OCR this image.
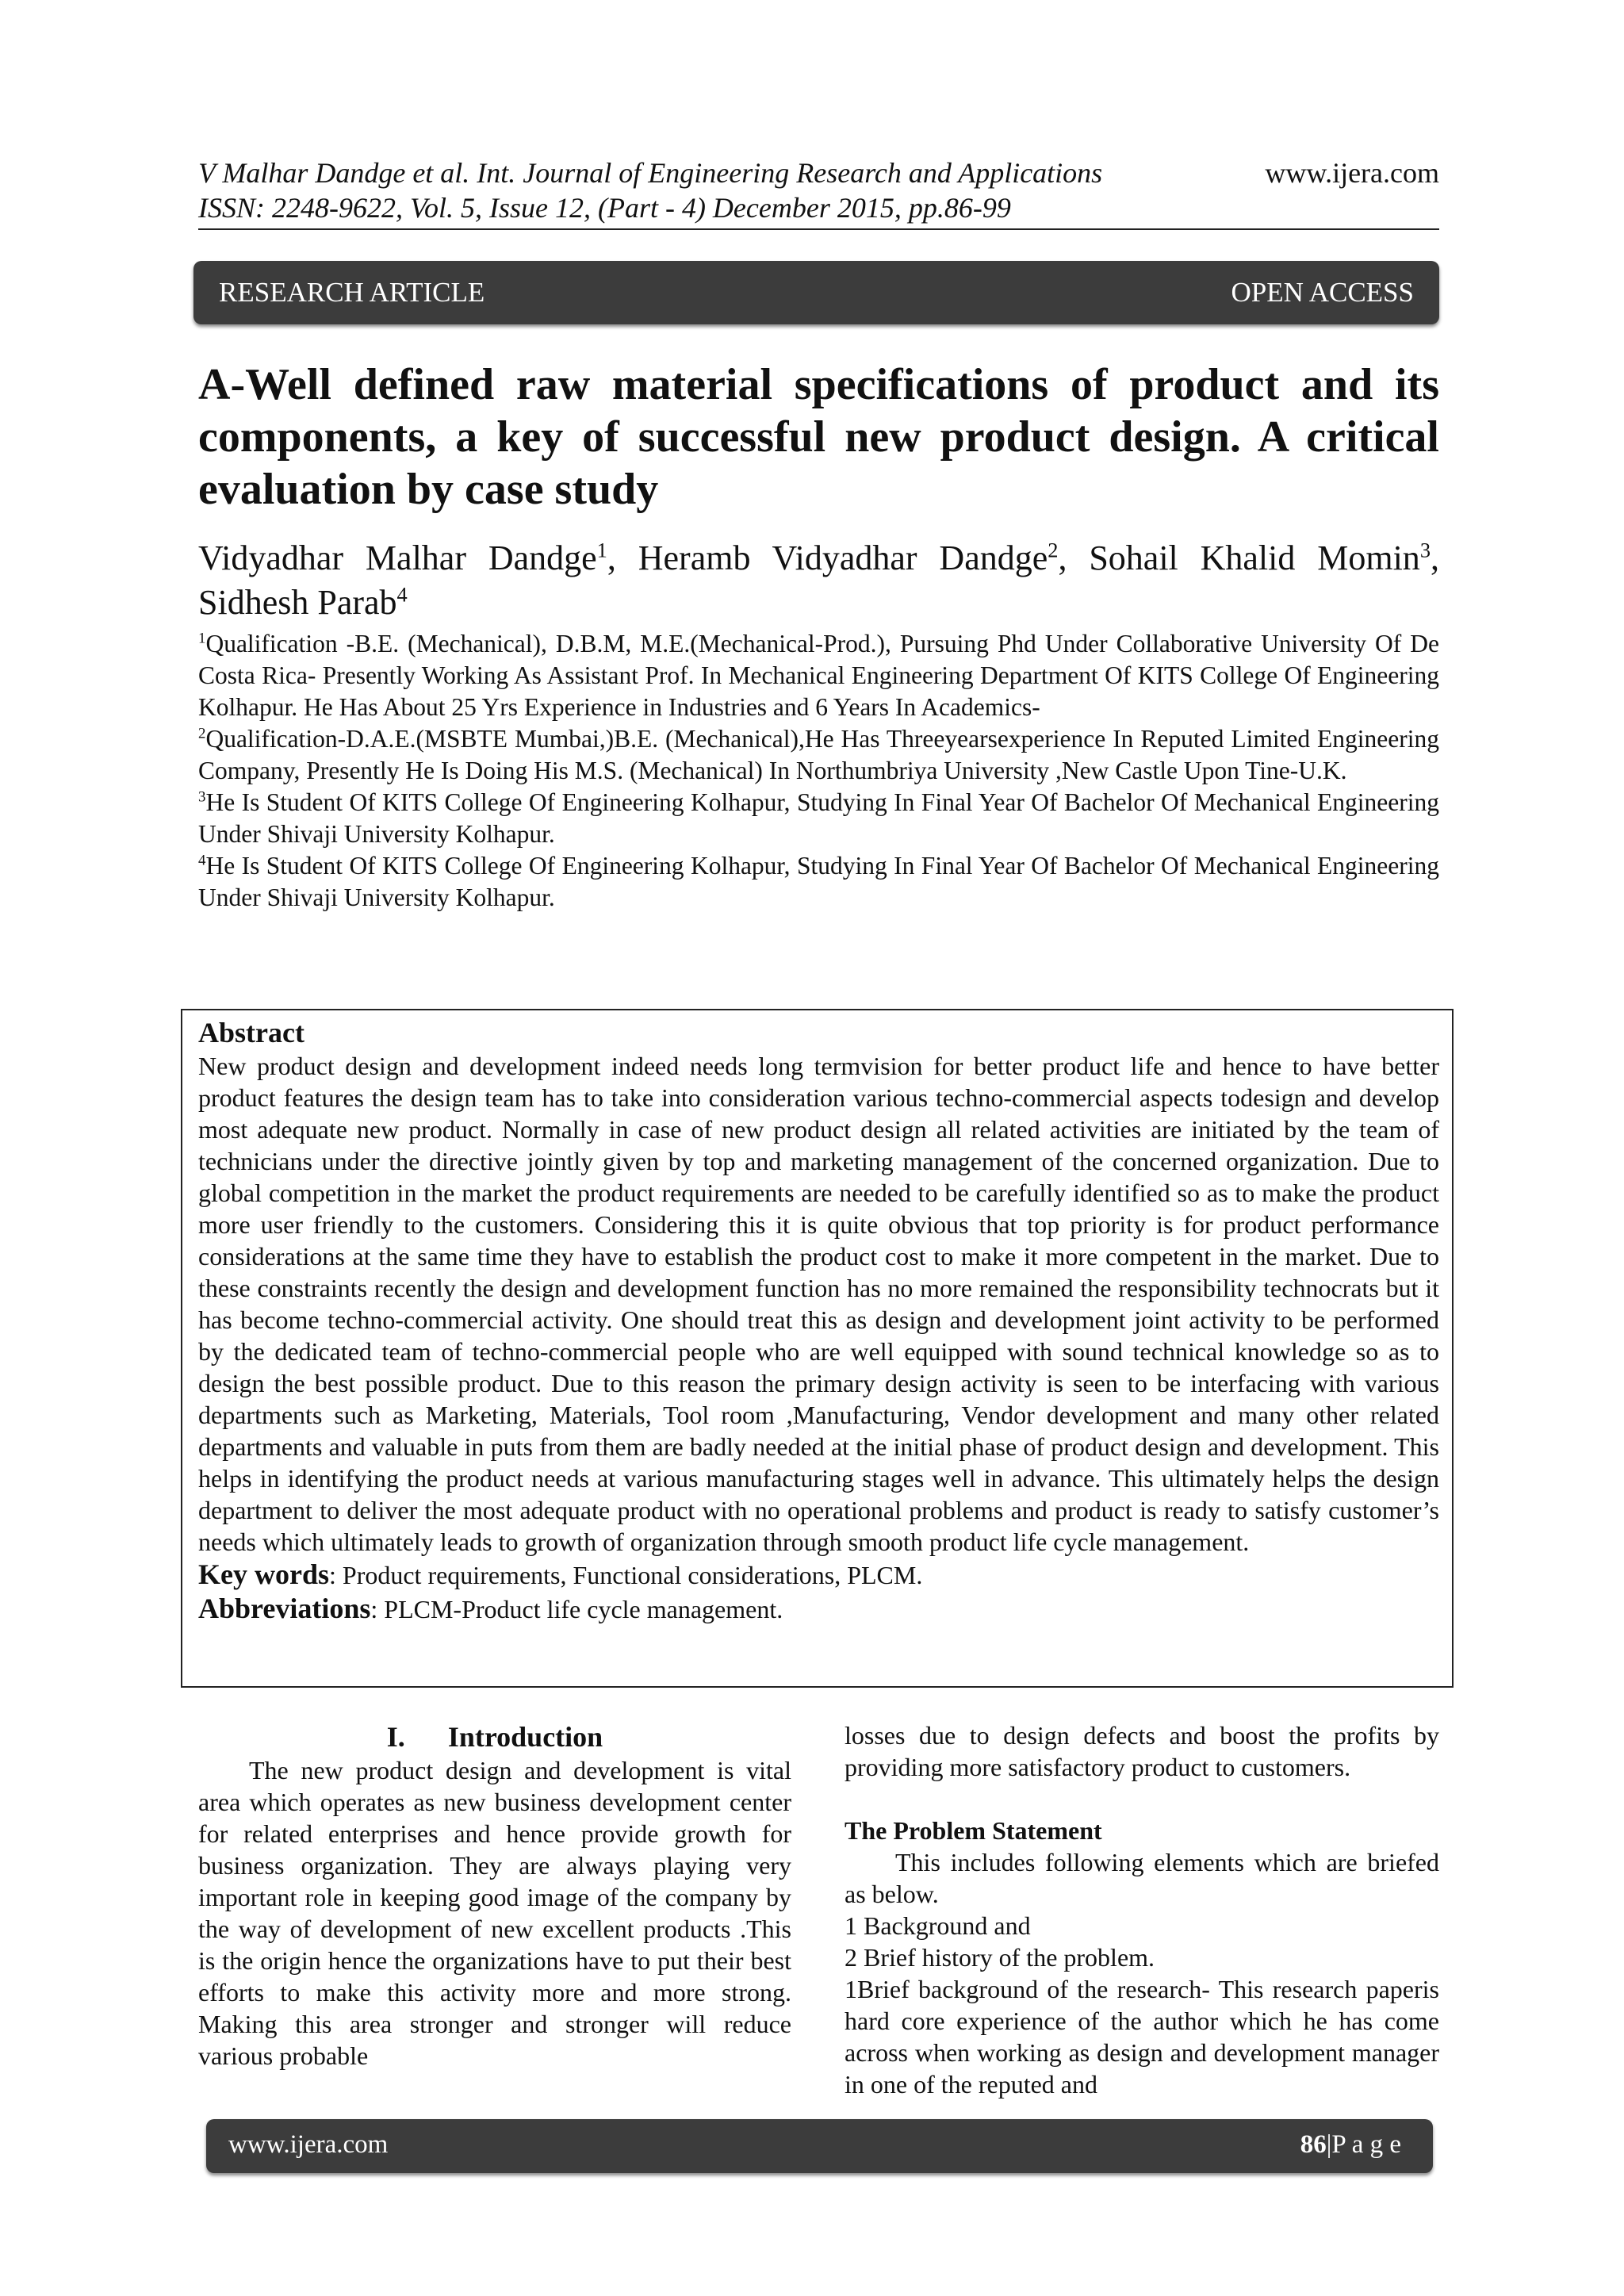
V Malhar Dandge et al. Int. Journal of Engineering Research and Applications	www.ijera.com
ISSN: 2248-9622, Vol. 5, Issue 12, (Part - 4) December 2015, pp.86-99
RESEARCH ARTICLE	OPEN ACCESS
A-Well defined raw material specifications of product and its components, a key of successful new product design. A critical evaluation by case study
Vidyadhar Malhar Dandge$^1$, Heramb Vidyadhar Dandge$^2$, Sohail Khalid Momin$^3$, Sidhesh Parab$^4$

$^1$Qualification -B.E. (Mechanical), D.B.M, M.E.(Mechanical-Prod.), Pursuing Phd Under Collaborative University Of De Costa Rica- Presently Working As Assistant Prof. In Mechanical Engineering Department Of KITS College Of Engineering Kolhapur. He Has About 25 Yrs Experience in Industries and 6 Years In Academics-

$^2$Qualification-D.A.E.(MSBTE Mumbai,)B.E. (Mechanical),He Has Threeyearsexperience In Reputed Limited Engineering Company, Presently He Is Doing His M.S. (Mechanical) In Northumbriya University ,New Castle Upon Tine-U.K.

$^3$He Is Student Of KITS College Of Engineering Kolhapur, Studying In Final Year Of Bachelor Of Mechanical Engineering Under Shivaji University Kolhapur.

$^4$He Is Student Of KITS College Of Engineering Kolhapur, Studying In Final Year Of Bachelor Of Mechanical Engineering Under Shivaji University Kolhapur.

Abstract

New product design and development indeed needs long termvision for better product life and hence to have better product features the design team has to take into consideration various techno-commercial aspects todesign and develop most adequate new product. Normally in case of new product design all related activities are initiated by the team of technicians under the directive jointly given by top and marketing management of the concerned organization. Due to global competition in the market the product requirements are needed to be carefully identified so as to make the product more user friendly to the customers. Considering this it is quite obvious that top priority is for product performance considerations at the same time they have to establish the product cost to make it more competent in the market. Due to these constraints recently the design and development function has no more remained the responsibility technocrats but it has become techno-commercial activity. One should treat this as design and development joint activity to be performed by the dedicated team of techno-commercial people who are well equipped with sound technical knowledge so as to design the best possible product. Due to this reason the primary design activity is seen to be interfacing with various departments such as Marketing, Materials, Tool room ,Manufacturing, Vendor development and many other related departments and valuable in puts from them are badly needed at the initial phase of product design and development. This helps in identifying the product needs at various manufacturing stages well in advance. This ultimately helps the design department to deliver the most adequate product with no operational problems and product is ready to satisfy customer’s needs which ultimately leads to growth of organization through smooth product life cycle management.

Key words: Product requirements, Functional considerations, PLCM.

Abbreviations: PLCM-Product life cycle management.

I. Introduction

The new product design and development is vital area which operates as new business development center for related enterprises and hence provide growth for business organization. They are always playing very important role in keeping good image of the company by the way of development of new excellent products .This is the origin hence the organizations have to put their best efforts to make this activity more and more strong. Making this area stronger and stronger will reduce various probable

losses due to design defects and boost the profits by providing more satisfactory product to customers.

The Problem Statement

This includes following elements which are briefed as below.

1 Background and

2 Brief history of the problem.

1Brief background of the research- This research paperis hard core experience of the author which he has come across when working as design and development manager in one of the reputed and

www.ijera.com	86|P a g e
